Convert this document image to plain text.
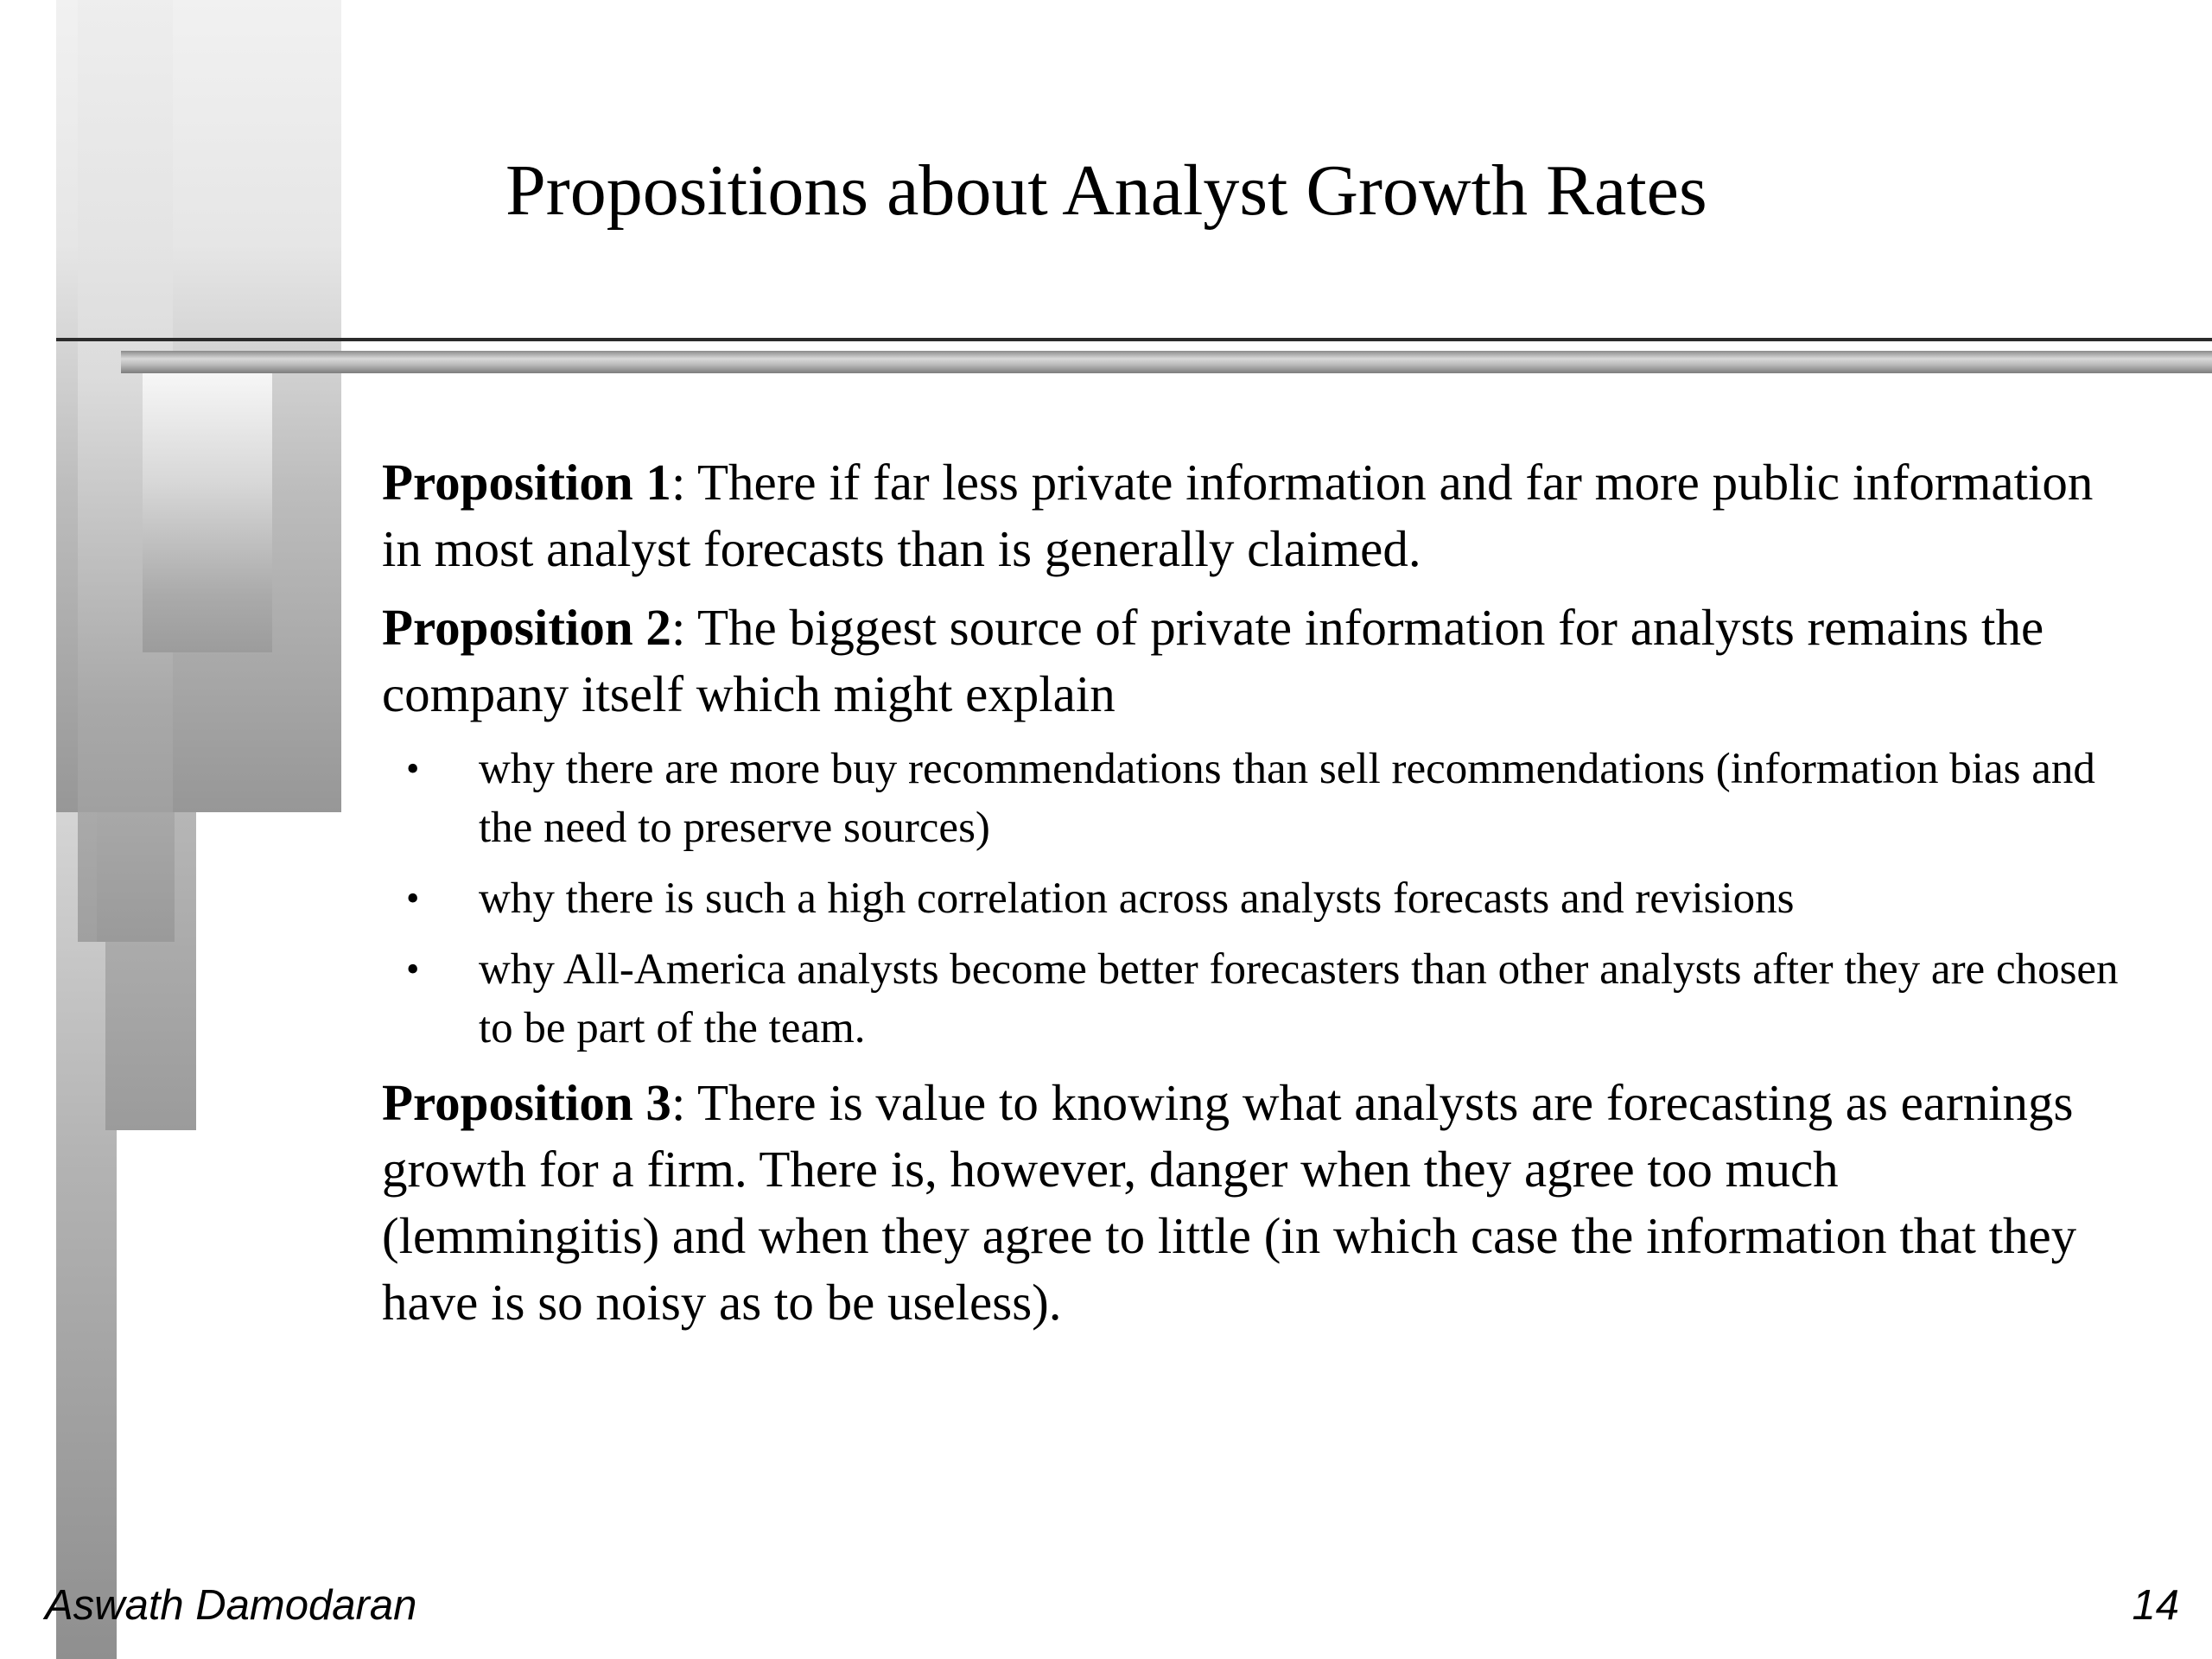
Propositions about Analyst Growth Rates

Proposition 1: There if far less private information and far more public information in most analyst forecasts than is generally claimed.

Proposition 2: The biggest source of private information for analysts remains the company itself which might explain

• why there are more buy recommendations than sell recommendations (information bias and the need to preserve sources)
• why there is such a high correlation across analysts forecasts and revisions
• why All-America analysts become better forecasters than other analysts after they are chosen to be part of the team.

Proposition 3: There is value to knowing what analysts are forecasting as earnings growth for a firm. There is, however, danger when they agree too much (lemmingitis) and when they agree to little (in which case the information that they have is so noisy as to be useless).

Aswath Damodaran	14
